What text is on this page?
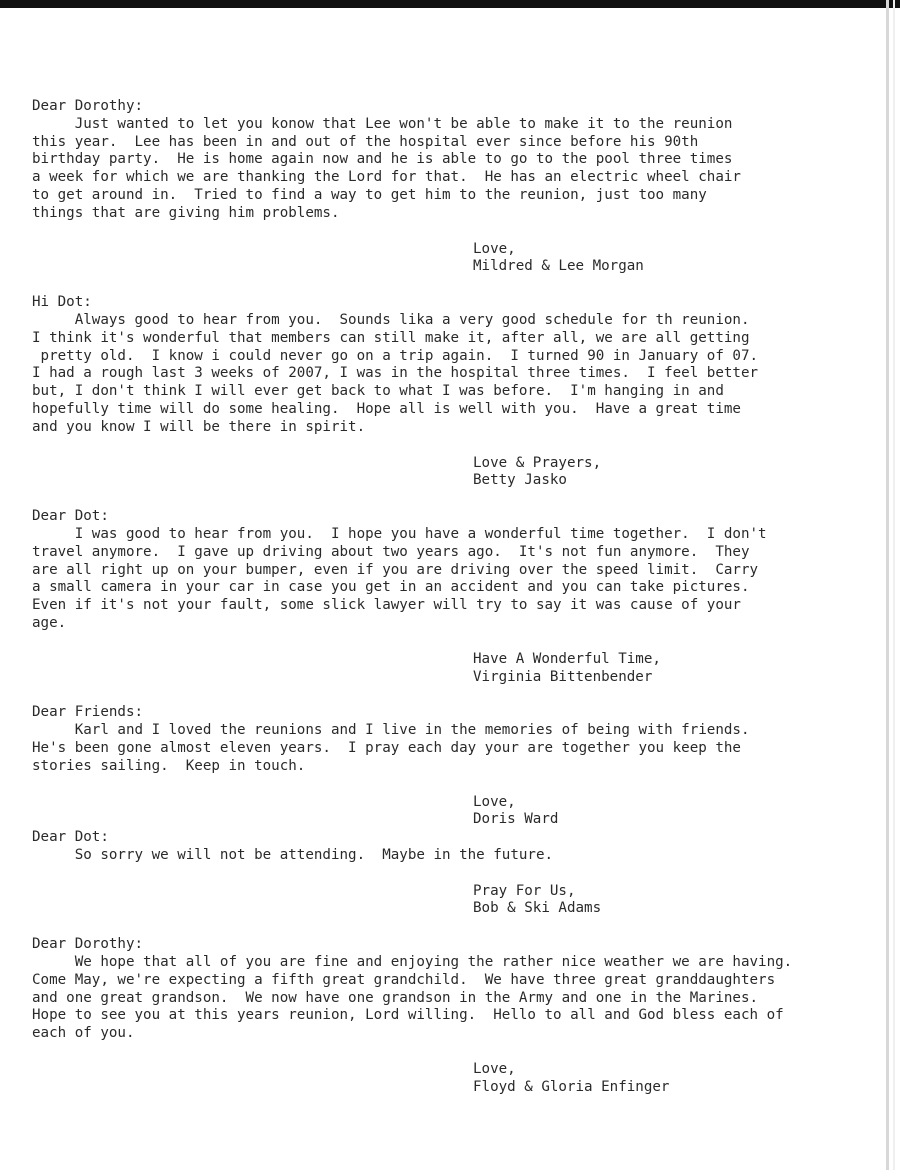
Dear Dorothy:
Just wanted to let you konow that Lee won't be able to make it to the reunion
this year.  Lee has been in and out of the hospital ever since before his 90th
birthday party.  He is home again now and he is able to go to the pool three times
a week for which we are thanking the Lord for that.  He has an electric wheel chair
to get around in.  Tried to find a way to get him to the reunion, just too many
things that are giving him problems.
Love,
Mildred & Lee Morgan
Hi Dot:
Always good to hear from you.  Sounds lika a very good schedule for th reunion.
I think it's wonderful that members can still make it, after all, we are all getting
pretty old.  I know i could never go on a trip again.  I turned 90 in January of 07.
I had a rough last 3 weeks of 2007, I was in the hospital three times.  I feel better
but, I don't think I will ever get back to what I was before.  I'm hanging in and
hopefully time will do some healing.  Hope all is well with you.  Have a great time
and you know I will be there in spirit.
Love & Prayers,
Betty Jasko
Dear Dot:
I was good to hear from you.  I hope you have a wonderful time together.  I don't
travel anymore.  I gave up driving about two years ago.  It's not fun anymore.  They
are all right up on your bumper, even if you are driving over the speed limit.  Carry
a small camera in your car in case you get in an accident and you can take pictures.
Even if it's not your fault, some slick lawyer will try to say it was cause of your
age.
Have A Wonderful Time,
Virginia Bittenbender
Dear Friends:
Karl and I loved the reunions and I live in the memories of being with friends.
He's been gone almost eleven years.  I pray each day your are together you keep the
stories sailing.  Keep in touch.
Love,
Doris Ward
Dear Dot:
So sorry we will not be attending.  Maybe in the future.
Pray For Us,
Bob & Ski Adams
Dear Dorothy:
We hope that all of you are fine and enjoying the rather nice weather we are having.
Come May, we're expecting a fifth great grandchild.  We have three great granddaughters
and one great grandson.  We now have one grandson in the Army and one in the Marines.
Hope to see you at this years reunion, Lord willing.  Hello to all and God bless each of
each of you.
Love,
Floyd & Gloria Enfinger
